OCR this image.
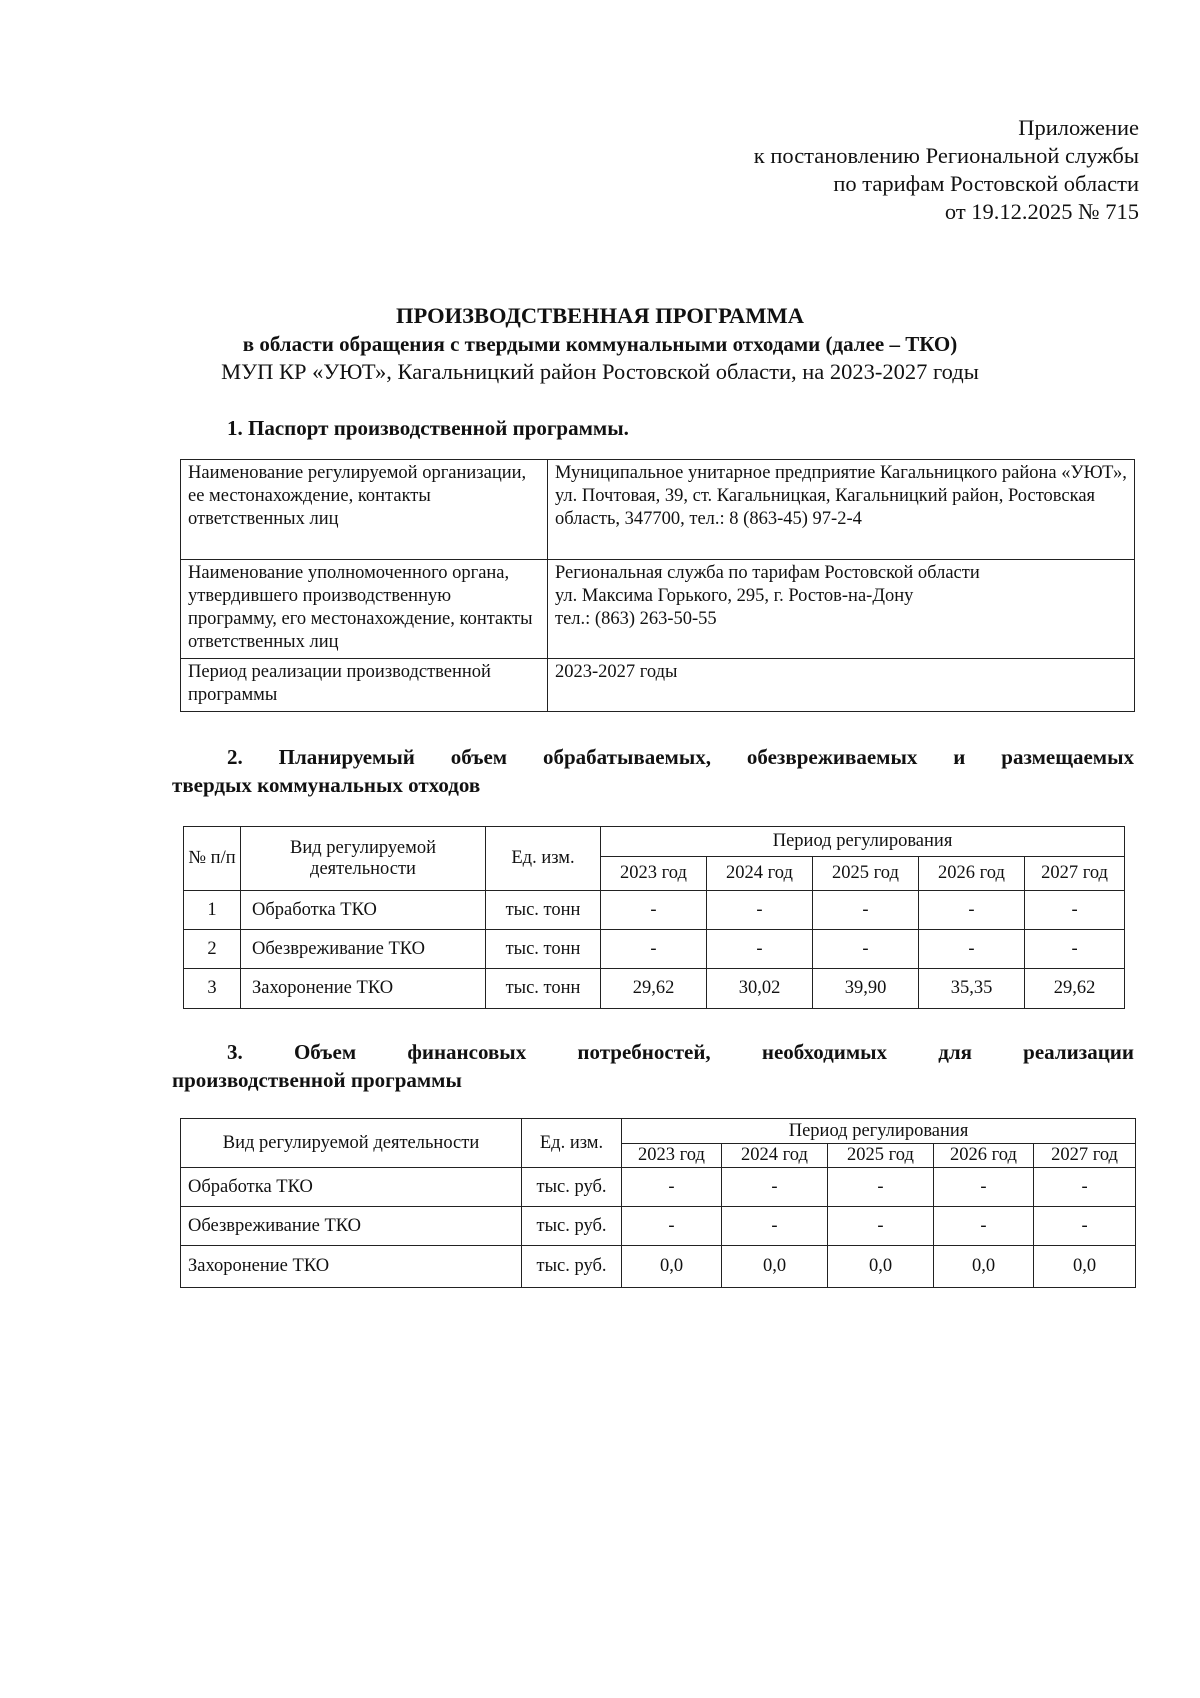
Приложение
к постановлению Региональной службы
по тарифам Ростовской области
от 19.12.2025 № 715
ПРОИЗВОДСТВЕННАЯ ПРОГРАММА
в области обращения с твердыми коммунальными отходами (далее – ТКО)
МУП КР «УЮТ», Кагальницкий район Ростовской области, на 2023-2027 годы
1. Паспорт производственной программы.
Наименование регулируемой организации, ее местонахождение, контакты ответственных лиц	Муниципальное унитарное предприятие Кагальницкого района «УЮТ», ул. Почтовая, 39, ст. Кагальницкая, Кагальницкий район, Ростовская область, 347700, тел.: 8 (863-45) 97-2-4
Наименование уполномоченного органа, утвердившего производственную программу, его местонахождение, контакты ответственных лиц	Региональная служба по тарифам Ростовской области
ул. Максима Горького, 295, г. Ростов-на-Дону
тел.: (863) 263-50-55

Период реализации производственной программы	2023-2027 годы
2. Планируемый объем обрабатываемых, обезвреживаемых и размещаемых
твердых коммунальных отходов
№ п/п	Вид регулируемой деятельности	Ед. изм.	Период регулирования				
			2023 год	2024 год	2025 год	2026 год	2027 год
1	Обработка ТКО	тыс. тонн	-	-	-	-	-
2	Обезвреживание ТКО	тыс. тонн	-	-	-	-	-
3	Захоронение ТКО	тыс. тонн	29,62	30,02	39,90	35,35	29,62
3. Объем финансовых потребностей, необходимых для реализации
производственной программы
Вид регулируемой деятельности	Ед. изм.	Период регулирования				
		2023 год	2024 год	2025 год	2026 год	2027 год
Обработка ТКО	тыс. руб.	-	-	-	-	-
Обезвреживание ТКО	тыс. руб.	-	-	-	-	-
Захоронение ТКО	тыс. руб.	0,0	0,0	0,0	0,0	0,0
